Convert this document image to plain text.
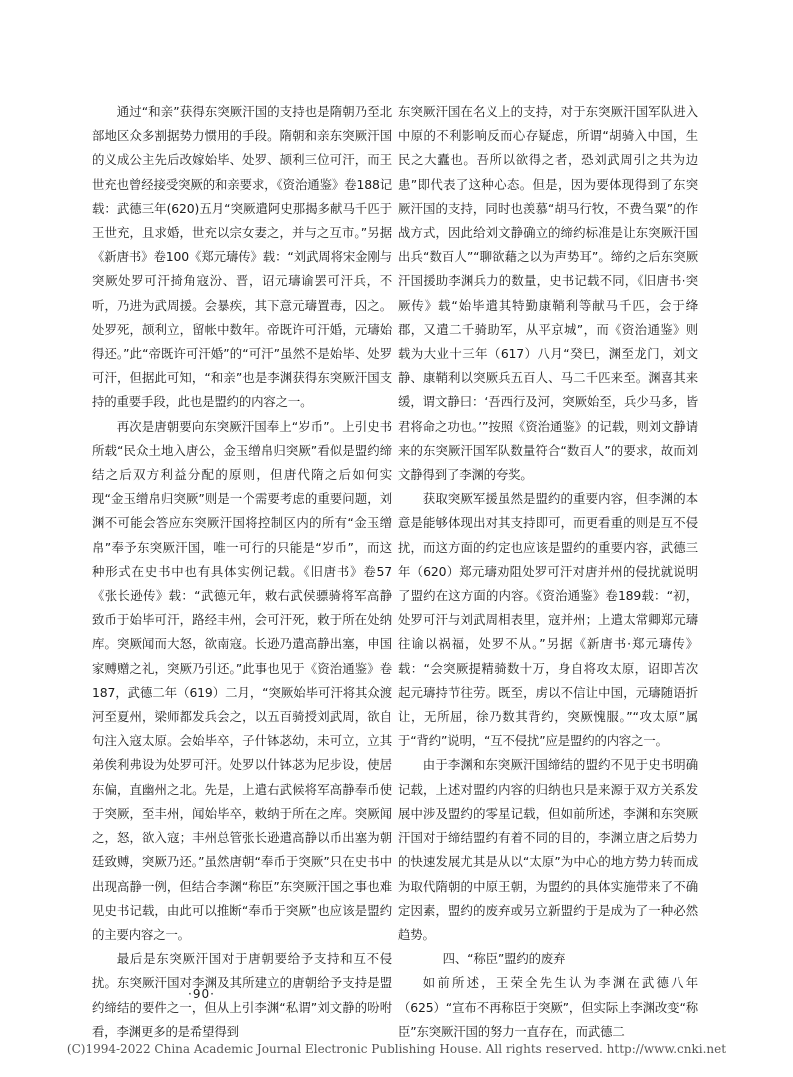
通过“和亲”获得东突厥汗国的支持也是隋朝乃至北部地区众多割据势力惯用的手段。隋朝和亲东突厥汗国的义成公主先后改嫁始毕、处罗、颉利三位可汗，而王世充也曾经接受突厥的和亲要求，《资治通鉴》卷188记载：武德三年(620)五月“突厥遣阿史那揭多献马千匹于王世充，且求婚，世充以宗女妻之，并与之互市。”另据《新唐书》卷100《郑元璹传》载：“刘武周将宋金刚与突厥处罗可汗掎角寇汾、晋，诏元璹谕罢可汗兵，不听，乃进为武周援。会暴疾，其下意元璹置毒，囚之。处罗死，颉利立，留帐中数年。帝既许可汗婚，元璹始得还。”此“帝既许可汗婚”的“可汗”虽然不是始毕、处罗可汗，但据此可知，“和亲”也是李渊获得东突厥汗国支持的重要手段，此也是盟约的内容之一。

再次是唐朝要向东突厥汗国奉上“岁币”。上引史书所载“民众土地入唐公，金玉缯帛归突厥”看似是盟约缔结之后双方利益分配的原则，但唐代隋之后如何实现“金玉缯帛归突厥”则是一个需要考虑的重要问题，刘渊不可能会答应东突厥汗国将控制区内的所有“金玉缯帛”奉予东突厥汗国，唯一可行的只能是“岁币”，而这种形式在史书中也有具体实例记载。《旧唐书》卷57《张长逊传》载：“武德元年，敕右武侯骠骑将军高静致币于始毕可汗，路经丰州，会可汗死，敕于所在处纳库。突厥闻而大怒，欲南寇。长逊乃遣高静出塞，申国家赙赠之礼，突厥乃引还。”此事也见于《资治通鉴》卷187，武德二年（619）二月，“突厥始毕可汗将其众渡河至夏州，梁师都发兵会之，以五百骑授刘武周，欲自句注入寇太原。会始毕卒，子什钵苾幼，未可立，立其弟俟利弗设为处罗可汗。处罗以什钵苾为尼步设，使居东偏，直幽州之北。先是，上遣右武候将军高静奉币使于突厥，至丰州，闻始毕卒，敕纳于所在之库。突厥闻之，怒，欲入寇；丰州总管张长逊遣高静以币出塞为朝廷致赙，突厥乃还。”虽然唐朝“奉币于突厥”只在史书中出现高静一例，但结合李渊“称臣”东突厥汗国之事也难见史书记载，由此可以推断“奉币于突厥”也应该是盟约的主要内容之一。

最后是东突厥汗国对于唐朝要给予支持和互不侵扰。东突厥汗国对李渊及其所建立的唐朝给予支持是盟约缔结的要件之一，但从上引李渊“私谓”刘文静的吩咐看，李渊更多的是希望得到

东突厥汗国在名义上的支持，对于东突厥汗国军队进入中原的不利影响反而心存疑虑，所谓“胡骑入中国，生民之大蠹也。吾所以欲得之者，恐刘武周引之共为边患”即代表了这种心态。但是，因为要体现得到了东突厥汗国的支持，同时也羡慕“胡马行牧，不费刍粟”的作战方式，因此给刘文静确立的缔约标准是让东突厥汗国出兵“数百人”“聊欲藉之以为声势耳”。缔约之后东突厥汗国援助李渊兵力的数量，史书记载不同，《旧唐书·突厥传》载“始毕遣其特勤康鞘利等献马千匹，会于绛郡，又遣二千骑助军，从平京城”，而《资治通鉴》则载为大业十三年（617）八月“癸巳，渊至龙门，刘文静、康鞘利以突厥兵五百人、马二千匹来至。渊喜其来缓，谓文静曰：‘吾西行及河，突厥始至，兵少马多，皆君将命之功也。’”按照《资治通鉴》的记载，则刘文静请来的东突厥汗国军队数量符合“数百人”的要求，故而刘文静得到了李渊的夸奖。

获取突厥军援虽然是盟约的重要内容，但李渊的本意是能够体现出对其支持即可，而更看重的则是互不侵扰，而这方面的约定也应该是盟约的重要内容，武德三年（620）郑元璹劝阻处罗可汗对唐并州的侵扰就说明了盟约在这方面的内容。《资治通鉴》卷189载：“初，处罗可汗与刘武周相表里，寇并州；上遣太常卿郑元璹往谕以祸福，处罗不从。”另据《新唐书·郑元璹传》载：“会突厥提精骑数十万，身自将攻太原，诏即苫次起元璹持节往劳。既至，虏以不信让中国，元璹随语折让，无所屈，徐乃数其背约，突厥愧服。”“攻太原”属于“背约”说明，“互不侵扰”应是盟约的内容之一。

由于李渊和东突厥汗国缔结的盟约不见于史书明确记载，上述对盟约内容的归纳也只是来源于双方关系发展中涉及盟约的零星记载，但如前所述，李渊和东突厥汗国对于缔结盟约有着不同的目的，李渊立唐之后势力的快速发展尤其是从以“太原”为中心的地方势力转而成为取代隋朝的中原王朝，为盟约的具体实施带来了不确定因素，盟约的废弃或另立新盟约于是成为了一种必然趋势。

四、“称臣”盟约的废弃

如前所述，王荣全先生认为李渊在武德八年（625）“宣布不再称臣于突厥”，但实际上李渊改变“称臣”东突厥汗国的努力一直存在，而武德二

·90·
(C)1994-2022 China Academic Journal Electronic Publishing House. All rights reserved. http://www.cnki.net
